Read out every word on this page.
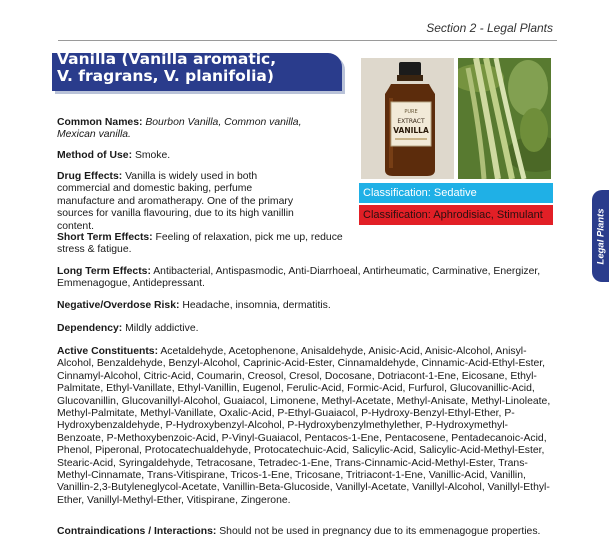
Section 2 - Legal Plants
Vanilla (Vanilla aromatic,
V. fragrans, V. planifolia)
PURE
EXTRACT
VANILLA
Classification: Sedative
Classification: Aphrodisiac, Stimulant	Legal Plants
Common Names: Bourbon Vanilla, Common vanilla, Mexican vanilla.
Method of Use: Smoke.
Drug Effects: Vanilla is widely used in both commercial and domestic baking, perfume manufacture and aromatherapy. One of the primary sources for vanilla flavouring, due to its high vanillin content.
Short Term Effects: Feeling of relaxation, pick me up, reduce stress & fatigue.
Long Term Effects: Antibacterial, Antispasmodic, Anti-Diarrhoeal, Antirheumatic, Carminative, Energizer, Emmenagogue, Antidepressant.
Negative/Overdose Risk: Headache, insomnia, dermatitis.
Dependency: Mildly addictive.
Active Constituents: Acetaldehyde, Acetophenone, Anisaldehyde, Anisic-Acid, Anisic-Alcohol, Anisyl-Alcohol, Benzaldehyde, Benzyl-Alcohol, Caprinic-Acid-Ester, Cinnamaldehyde, Cinnamic-Acid-Ethyl-Ester, Cinnamyl-Alcohol, Citric-Acid, Coumarin, Creosol, Cresol, Docosane, Dotriacont-1-Ene, Eicosane, Ethyl-Palmitate, Ethyl-Vanillate, Ethyl-Vanillin, Eugenol, Ferulic-Acid, Formic-Acid, Furfurol, Glucovanillic-Acid, Glucovanillin, Glucovanillyl-Alcohol, Guaiacol, Limonene, Methyl-Acetate, Methyl-Anisate, Methyl-Linoleate, Methyl-Palmitate, Methyl-Vanillate, Oxalic-Acid, P-Ethyl-Guaiacol, P-Hydroxy-Benzyl-Ethyl-Ether, P-Hydroxybenzaldehyde, P-Hydroxybenzyl-Alcohol, P-Hydroxybenzylmethylether, P-Hydroxymethyl-Benzoate, P-Methoxybenzoic-Acid, P-Vinyl-Guaiacol, Pentacos-1-Ene, Pentacosene, Pentadecanoic-Acid, Phenol, Piperonal, Protocatechualdehyde, Protocatechuic-Acid, Salicylic-Acid, Salicylic-Acid-Methyl-Ester, Stearic-Acid, Syringaldehyde, Tetracosane, Tetradec-1-Ene, Trans-Cinnamic-Acid-Methyl-Ester, Trans-Methyl-Cinnamate, Trans-Vitispirane, Tricos-1-Ene, Tricosane, Tritriacont-1-Ene, Vanillic-Acid, Vanillin, Vanillin-2,3-Butyleneglycol-Acetate, Vanillin-Beta-Glucoside, Vanillyl-Acetate, Vanillyl-Alcohol, Vanillyl-Ethyl-Ether, Vanillyl-Methyl-Ether, Vitispirane, Zingerone.
Contraindications / Interactions: Should not be used in pregnancy due to its emmenagogue properties.
